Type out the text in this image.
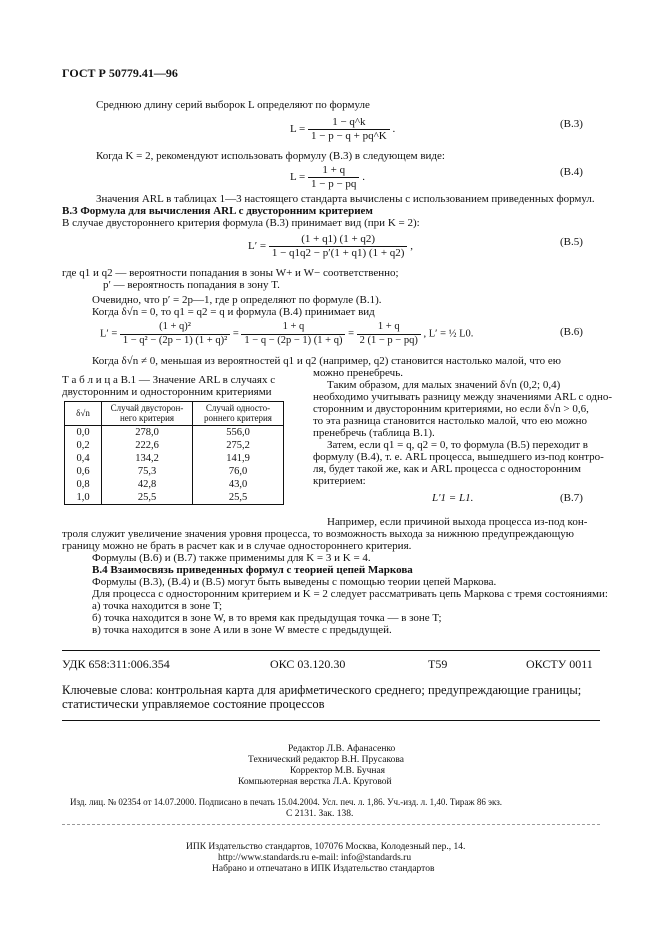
ГОСТ Р 50779.41—96
Среднюю длину серий выборок L определяют по формуле
$L = \frac{1 - q\^{}k}{1 - p - q + pq\^{}K}$ .	(B.3)
Когда K = 2, рекомендуют использовать формулу (B.3) в следующем виде:
$L = \frac{1 + q}{1 - p - pq}$ .	(B.4)
Значения ARL в таблицах 1—3 настоящего стандарта вычислены с использованием приведенных формул.
B.3 Формула для вычисления ARL с двусторонним критерием
В случае двустороннего критерия формула (B.3) принимает вид (при K = 2):
$L' = \frac{(1 + q1) (1 + q2)}{1 - q1q2 - p'(1 + q1) (1 + q2)}$ ,	(B.5)
где q1 и q2 — вероятности попадания в зоны W+ и W− соответственно;
p′ — вероятность попадания в зону T.
Очевидно, что p′ = 2p—1, где p определяют по формуле (B.1).
Когда δ√n = 0, то q1 = q2 = q и формула (B.4) принимает вид
$L' = \frac{\text{(1 + q)²}}{\text{1 − q² − (2p − 1) (1 + q)²}} = \frac{1 + q}{1 - q - (2p - 1) (1 + q)} = \frac{1 + q}{2 (1 - p - pq)}$ , L′ = ½ L0.	(B.6)
Когда δ√n ≠ 0, меньшая из вероятностей q1 и q2 (например, q2) становится настолько малой, что ею
можно пренебречь.
Т а б л и ц а B.1 — Значение ARL в случаях с
двусторонним и односторонним критериями
δ√n	Случай двусторон- него критерия	Случай односто- роннего критерия
0,0	278,0	556,0
0,2	222,6	275,2
0,4	134,2	141,9
0,6	75,3	76,0
0,8	42,8	43,0
1,0	25,5	25,5
Таким образом, для малых значений δ√n (0,2; 0,4)
необходимо учитывать разницу между значениями ARL с одно-
сторонним и двусторонним критериями, но если δ√n > 0,6,
то эта разница становится настолько малой, что ею можно
пренебречь (таблица B.1).
Затем, если q1 = q, q2 = 0, то формула (B.5) переходит в
формулу (B.4), т. е. ARL процесса, вышедшего из-под контро-
ля, будет такой же, как и ARL процесса с односторонним
критерием:
L′1 = L1.	(B.7)
Например, если причиной выхода процесса из-под кон-
троля служит увеличение значения уровня процесса, то возможность выхода за нижнюю предупреждающую
границу можно не брать в расчет как и в случае одностороннего критерия.
Формулы (B.6) и (B.7) также применимы для K = 3 и K = 4.
B.4 Взаимосвязь приведенных формул с теорией цепей Маркова
Формулы (B.3), (B.4) и (B.5) могут быть выведены с помощью теории цепей Маркова.
Для процесса с односторонним критерием и K = 2 следует рассматривать цепь Маркова с тремя состояниями:
а) точка находится в зоне T;
б) точка находится в зоне W, в то время как предыдущая точка — в зоне T;
в) точка находится в зоне A или в зоне W вместе с предыдущей.
УДК 658:311:006.354	ОКС 03.120.30	T59	ОКСТУ 0011
Ключевые слова: контрольная карта для арифметического среднего; предупреждающие границы;
статистически управляемое состояние процессов
Редактор Л.В. Афанасенко
Технический редактор В.Н. Прусакова
Корректор М.В. Бучная
Компьютерная верстка Л.А. Круговой
Изд. лиц. № 02354 от 14.07.2000. Подписано в печать 15.04.2004. Усл. печ. л. 1,86. Уч.-изд. л. 1,40. Тираж 86 экз.
С 2131. Зак. 138.
ИПК Издательство стандартов, 107076 Москва, Колодезный пер., 14.
http://www.standards.ru e-mail: info@standards.ru
Набрано и отпечатано в ИПК Издательство стандартов
